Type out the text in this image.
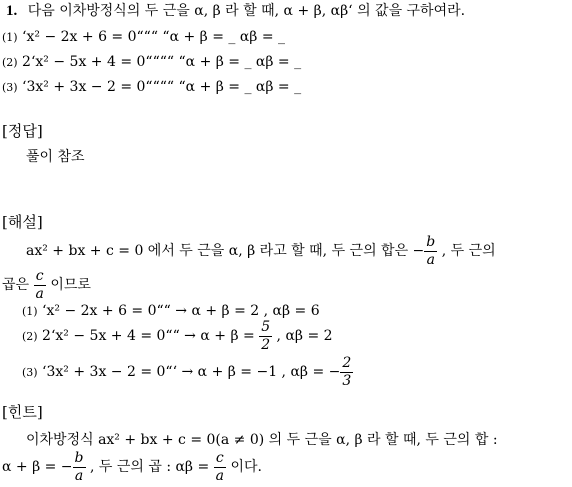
1. 다음 이차방정식의 두 근을 α, β 라 할 때, α + β, αβ‘ 의 값을 구하여라.
(1) ‘x² − 2x + 6 = 0“““ “α + β = _ αβ = _
(2) 2‘x² − 5x + 4 = 0““““ “α + β = _ αβ = _
(3) ‘3x² + 3x − 2 = 0““““ “α + β = _ αβ = _
[정답]
풀이 참조
[해설]
ax² + bx + c = 0 에서 두 근을 α, β 라고 할 때, 두 근의 합은 − $\frac{b}{a}$ , 두 근의
곱은 $\frac{c}{a}$ 이므로
(1) ‘x² − 2x + 6 = 0““ → α + β = 2 , αβ = 6
(2) 2‘x² − 5x + 4 = 0““ → $\alpha + \beta = \frac{5}{2}$ , αβ = 2
(3) ‘3x² + 3x − 2 = 0“‘ → α + β = −1 , αβ = − $\frac{2}{3}$
[힌트]
이차방정식 ax² + bx + c = 0(a ≠ 0) 의 두 근을 α, β 라 할 때, 두 근의 합 :
α + β = − $\frac{b}{a}$ , 두 근의 곱 : $\alpha\beta = \frac{c}{a}$ 이다.
